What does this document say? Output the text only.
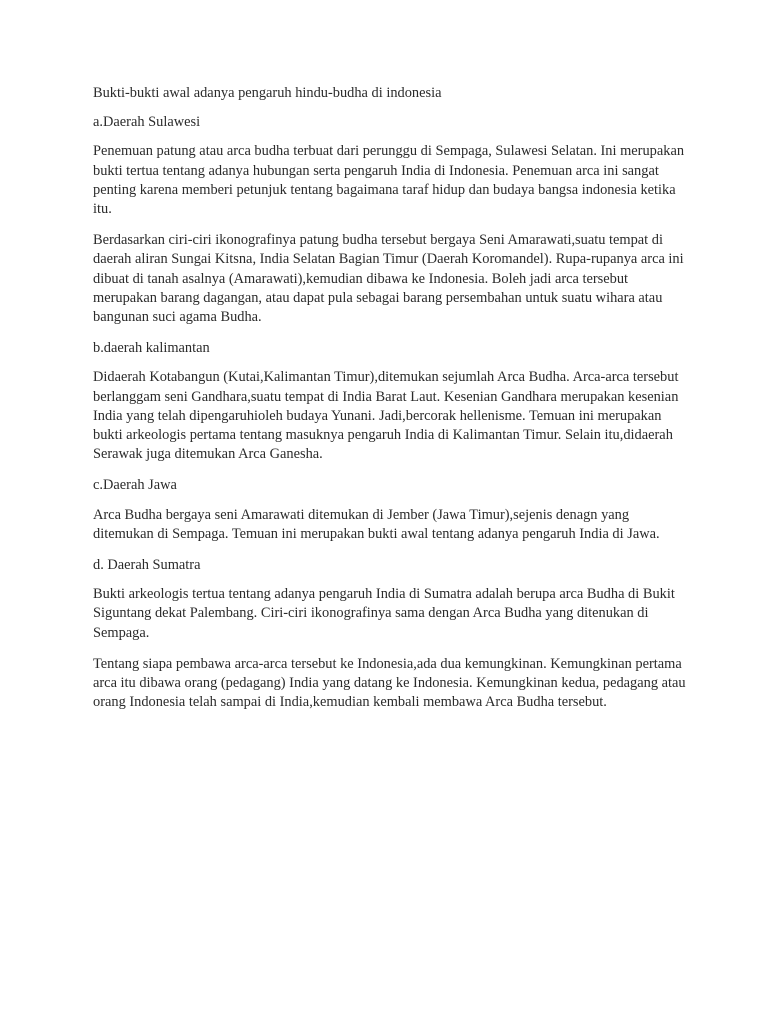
Bukti-bukti awal adanya pengaruh hindu-budha di indonesia

a.Daerah Sulawesi

Penemuan patung atau arca budha terbuat dari perunggu di Sempaga, Sulawesi Selatan. Ini merupakan bukti tertua tentang adanya hubungan serta pengaruh India di Indonesia. Penemuan arca ini sangat penting karena memberi petunjuk tentang bagaimana taraf hidup dan budaya bangsa indonesia ketika itu.

Berdasarkan ciri-ciri ikonografinya patung budha tersebut bergaya Seni Amarawati,suatu tempat di daerah aliran Sungai Kitsna, India Selatan Bagian Timur (Daerah Koromandel). Rupa-rupanya arca ini dibuat di tanah asalnya (Amarawati),kemudian dibawa ke Indonesia. Boleh jadi arca tersebut merupakan barang dagangan, atau dapat pula sebagai barang persembahan untuk suatu wihara atau bangunan suci agama Budha.

b.daerah kalimantan

Didaerah Kotabangun (Kutai,Kalimantan Timur),ditemukan sejumlah Arca Budha. Arca-arca tersebut berlanggam seni Gandhara,suatu tempat di India Barat Laut. Kesenian Gandhara merupakan kesenian India yang telah dipengaruhioleh budaya Yunani. Jadi,bercorak hellenisme. Temuan ini merupakan bukti arkeologis pertama tentang masuknya pengaruh India di Kalimantan Timur. Selain itu,didaerah Serawak juga ditemukan Arca Ganesha.

c.Daerah Jawa

Arca Budha bergaya seni Amarawati ditemukan di Jember (Jawa Timur),sejenis denagn yang ditemukan di Sempaga. Temuan ini merupakan bukti awal tentang adanya pengaruh India di Jawa.

d. Daerah Sumatra

Bukti arkeologis tertua tentang adanya pengaruh India di Sumatra adalah berupa arca Budha di Bukit Siguntang dekat Palembang. Ciri-ciri ikonografinya sama dengan Arca Budha yang ditenukan di Sempaga.

Tentang siapa pembawa arca-arca tersebut ke Indonesia,ada dua kemungkinan. Kemungkinan pertama arca itu dibawa orang (pedagang) India yang datang ke Indonesia. Kemungkinan kedua, pedagang atau orang Indonesia telah sampai di India,kemudian kembali membawa Arca Budha tersebut.
